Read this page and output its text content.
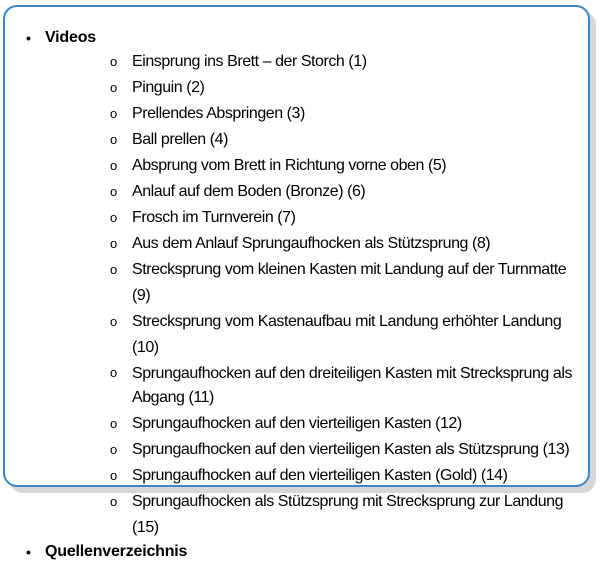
• Videos
o Einsprung ins Brett – der Storch (1)
o Pinguin (2)
o Prellendes Abspringen (3)
o Ball prellen (4)
o Absprung vom Brett in Richtung vorne oben (5)
o Anlauf auf dem Boden (Bronze) (6)
o Frosch im Turnverein (7)
o Aus dem Anlauf Sprungaufhocken als Stützsprung (8)
o Strecksprung vom kleinen Kasten mit Landung auf der Turnmatte (9)
o Strecksprung vom Kastenaufbau mit Landung erhöhter Landung (10)
o Sprungaufhocken auf den dreiteiligen Kasten mit Strecksprung als Abgang (11)
o Sprungaufhocken auf den vierteiligen Kasten (12)
o Sprungaufhocken auf den vierteiligen Kasten als Stützsprung (13)
o Sprungaufhocken auf den vierteiligen Kasten (Gold) (14)
o Sprungaufhocken als Stützsprung mit Strecksprung zur Landung (15)
• Quellenverzeichnis
